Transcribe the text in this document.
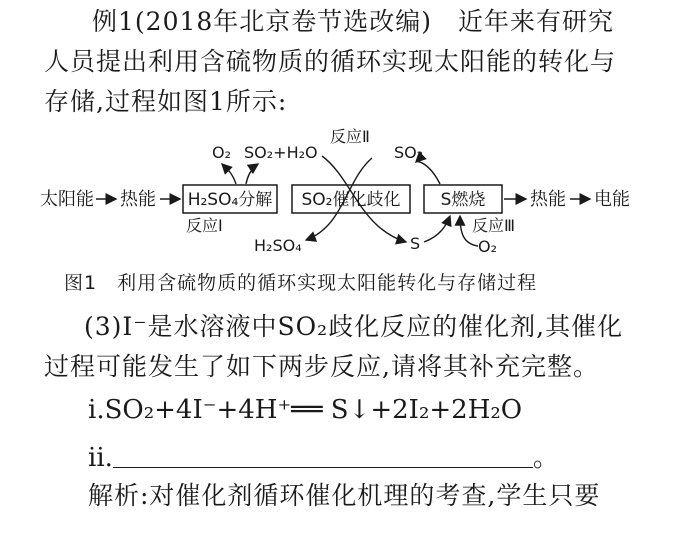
例1(2018年北京卷节选改编)　近年来有研究
人员提出利用含硫物质的循环实现太阳能的转化与
存储,过程如图1所示:
太阳能 热能 H₂SO₄分解 SO₂催化歧化 S燃烧 热能 电能
O₂ SO₂+H₂O
反应Ⅱ
SO₂
反应Ⅰ
H₂SO₄	S
反应Ⅲ
O₂
图1 利用含硫物质的循环实现太阳能转化与存储过程
(3)I⁻是水溶液中SO₂歧化反应的催化剂,其催化
过程可能发生了如下两步反应,请将其补充完整。
i.SO₂+4I⁻+4H⁺══ S↓+2I₂+2H₂O
ii.	。
解析:对催化剂循环催化机理的考查,学生只要
